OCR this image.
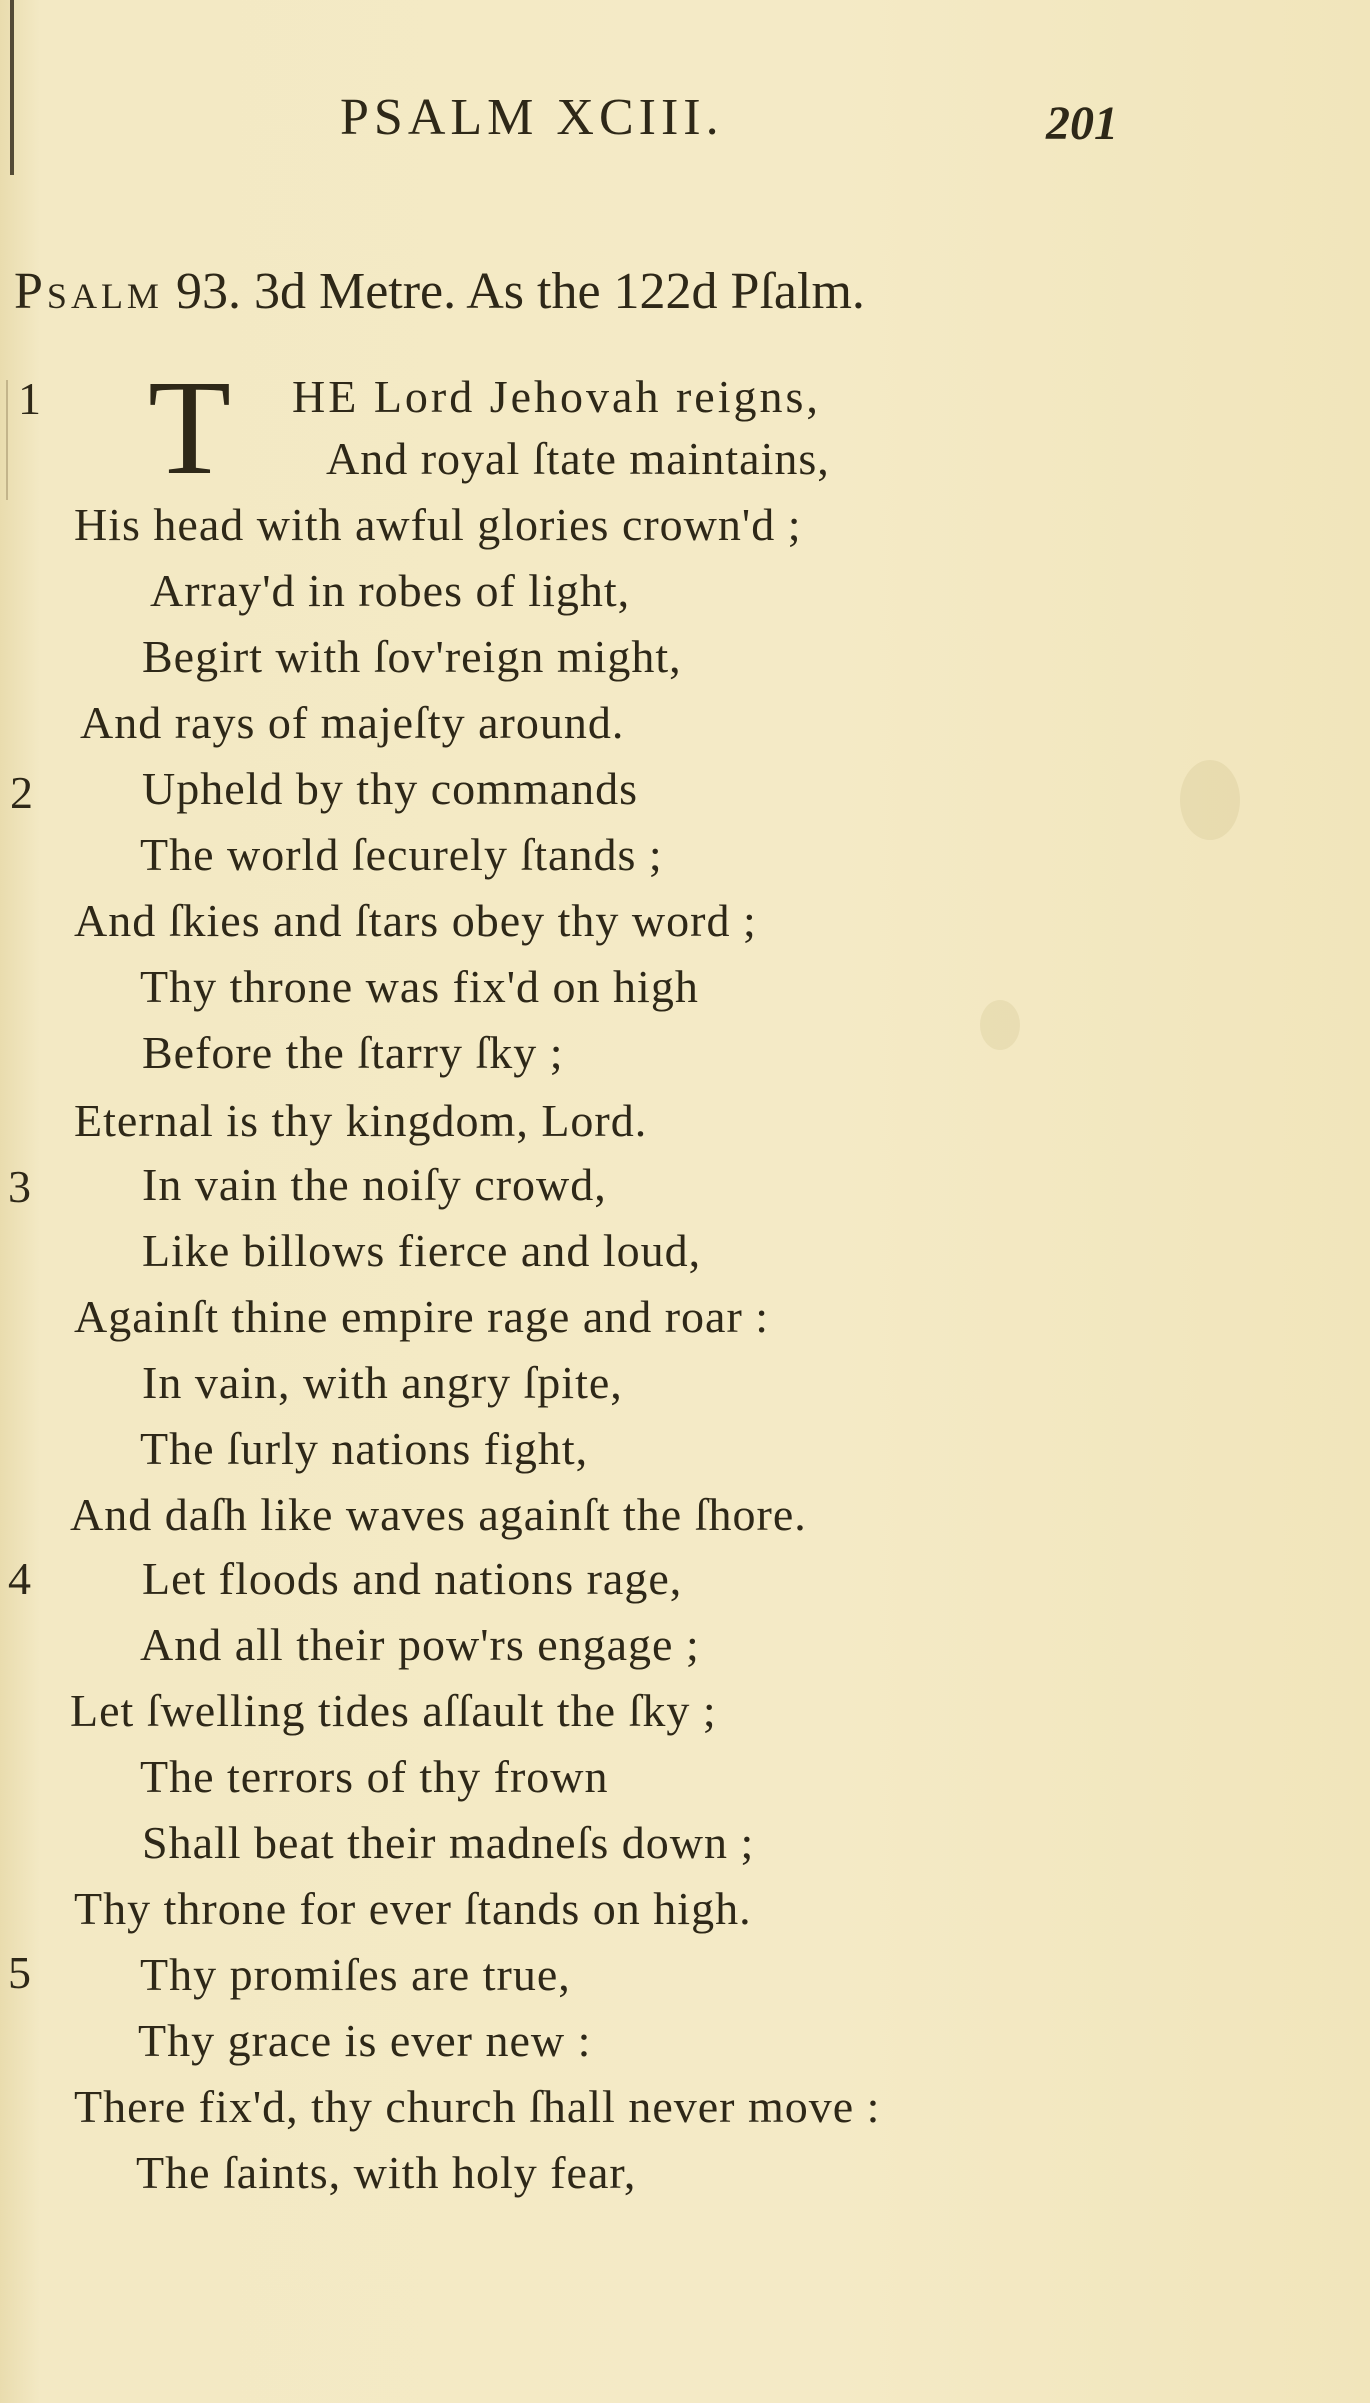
PSALM XCIII.	201
Psalm 93. 3d Metre. As the 122d Pſalm.
1
2
3
4
5
T HE Lord Jehovah reigns,
And royal ſtate maintains,
His head with awful glories crown'd ;
Array'd in robes of light,
Begirt with ſov'reign might,
And rays of majeſty around.
Upheld by thy commands
The world ſecurely ſtands ;
And ſkies and ſtars obey thy word ;
Thy throne was fix'd on high
Before the ſtarry ſky ;
Eternal is thy kingdom, Lord.
In vain the noiſy crowd,
Like billows fierce and loud,
Againſt thine empire rage and roar :
In vain, with angry ſpite,
The ſurly nations fight,
And daſh like waves againſt the ſhore.
Let floods and nations rage,
And all their pow'rs engage ;
Let ſwelling tides aſſault the ſky ;
The terrors of thy frown
Shall beat their madneſs down ;
Thy throne for ever ſtands on high.
Thy promiſes are true,
Thy grace is ever new :
There fix'd, thy church ſhall never move :
The ſaints, with holy fear,
